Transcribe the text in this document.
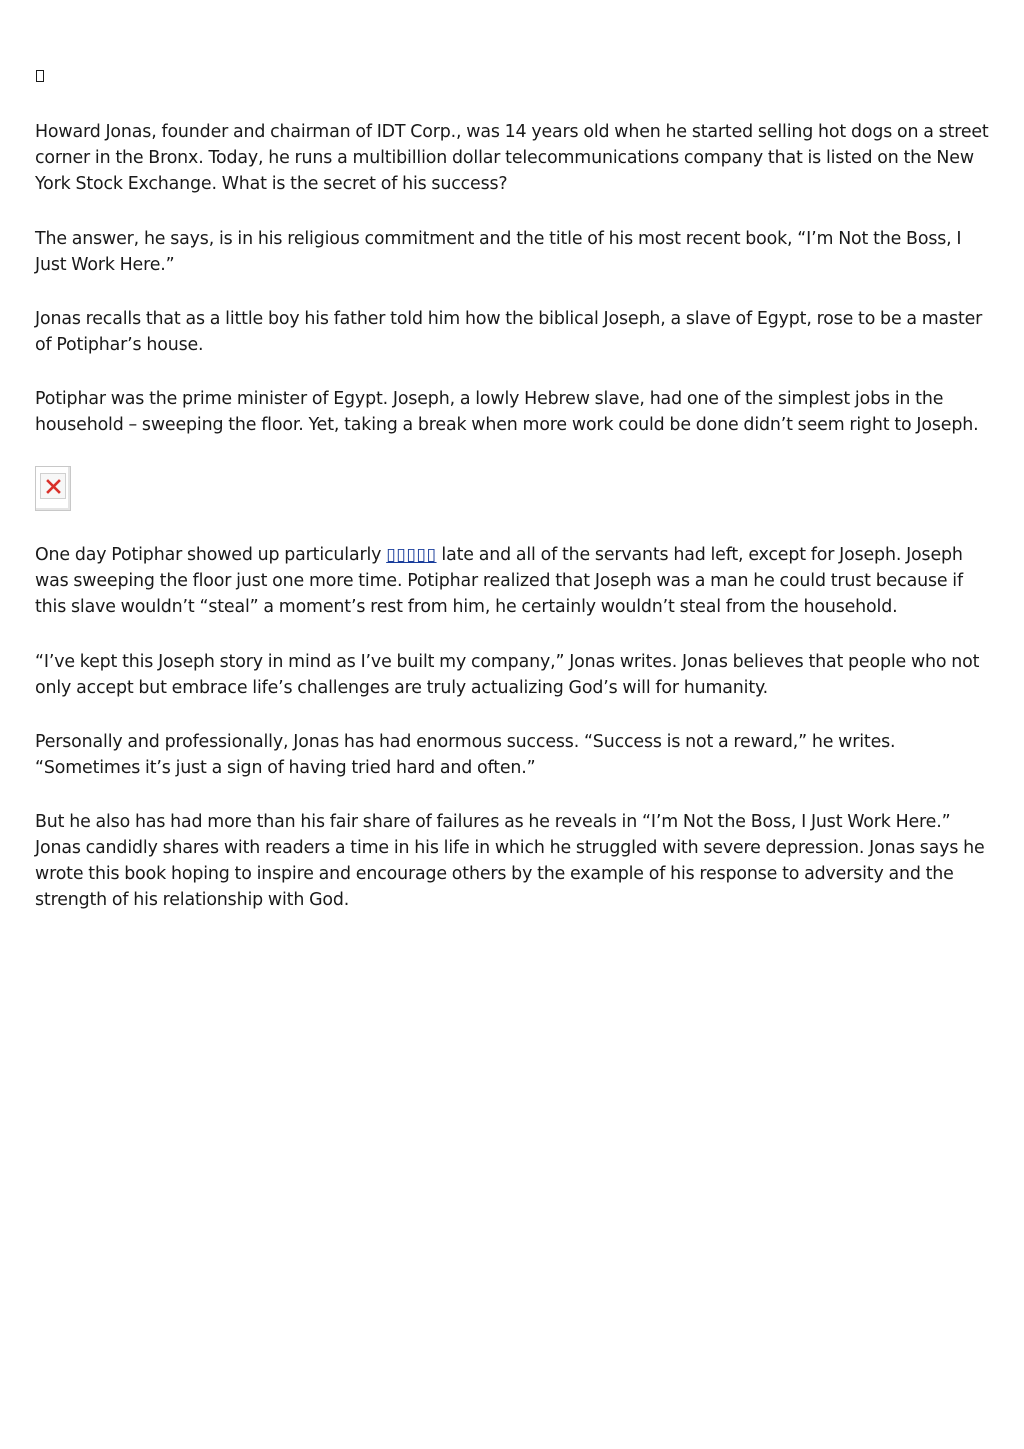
Howard Jonas, founder and chairman of IDT Corp., was 14 years old when he started selling hot dogs on a street corner in the Bronx. Today, he runs a multibillion dollar telecommunications company that is listed on the New York Stock Exchange. What is the secret of his success?

The answer, he says, is in his religious commitment and the title of his most recent book, “I’m Not the Boss, I Just Work Here.”

Jonas recalls that as a little boy his father told him how the biblical Joseph, a slave of Egypt, rose to be a master of Potiphar’s house.

Potiphar was the prime minister of Egypt. Joseph, a lowly Hebrew slave, had one of the simplest jobs in the household – sweeping the floor. Yet, taking a break when more work could be done didn’t seem right to Joseph.

One day Potiphar showed up particularly ▯▯▯▯▯ late and all of the servants had left, except for Joseph. Joseph was sweeping the floor just one more time. Potiphar realized that Joseph was a man he could trust because if this slave wouldn’t “steal” a moment’s rest from him, he certainly wouldn’t steal from the household.

“I’ve kept this Joseph story in mind as I’ve built my company,” Jonas writes. Jonas believes that people who not only accept but embrace life’s challenges are truly actualizing God’s will for humanity.

Personally and professionally, Jonas has had enormous success. “Success is not a reward,” he writes. “Sometimes it’s just a sign of having tried hard and often.”

But he also has had more than his fair share of failures as he reveals in “I’m Not the Boss, I Just Work Here.” Jonas candidly shares with readers a time in his life in which he struggled with severe depression. Jonas says he wrote this book hoping to inspire and encourage others by the example of his response to adversity and the strength of his relationship with God.
